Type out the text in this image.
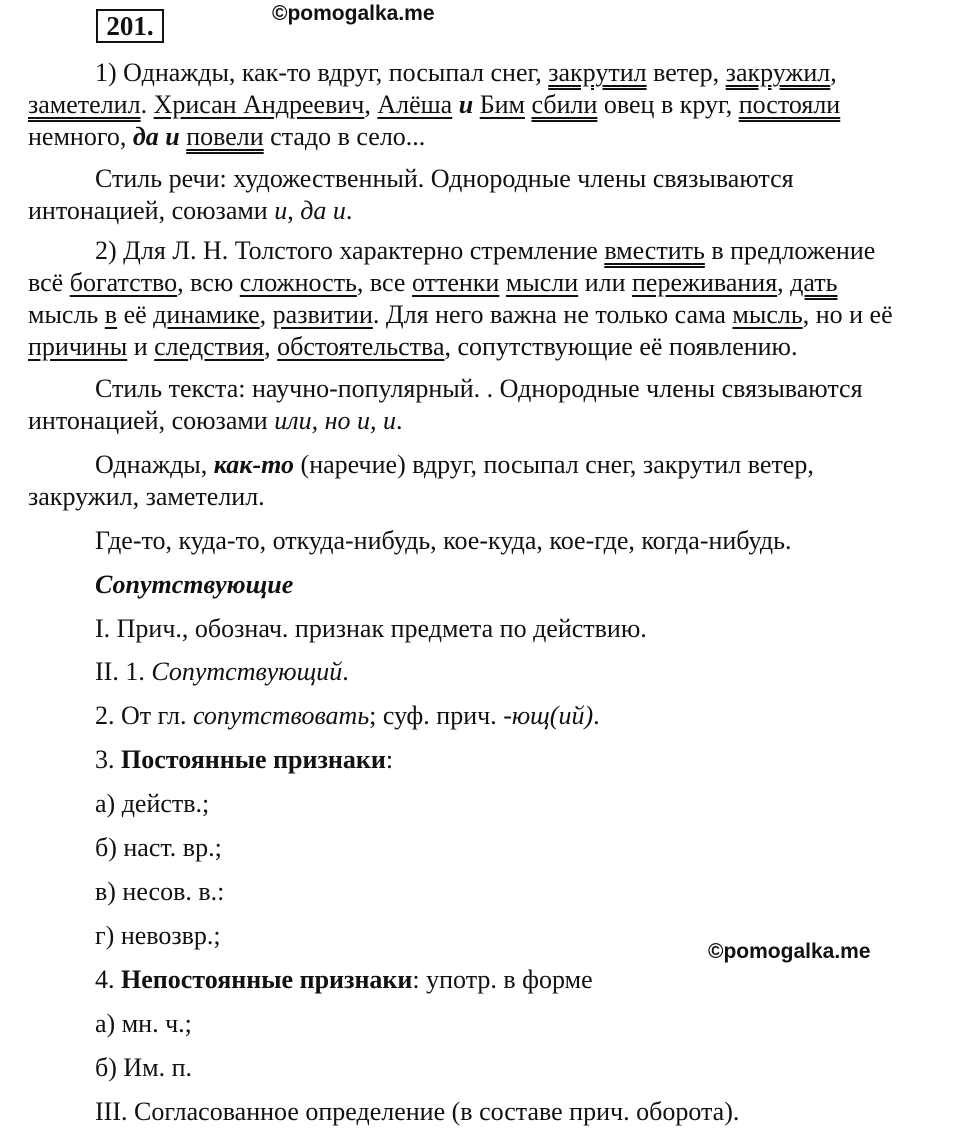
201.	©pomogalka.me
1) Однажды, как-то вдруг, посыпал снег, закрутил ветер, закружил,
заметелил. Хрисан Андреевич, Алёша и Бим сбили овец в круг, постояли
немного, да и повели стадо в село...
Стиль речи: художественный. Однородные члены связываются
интонацией, союзами и, да и.
2) Для Л. Н. Толстого характерно стремление вместить в предложение
всё богатство, всю сложность, все оттенки мысли или переживания, дать
мысль в её динамике, развитии. Для него важна не только сама мысль, но и её
причины и следствия, обстоятельства, сопутствующие её появлению.
Стиль текста: научно-популярный. . Однородные члены связываются
интонацией, союзами или, но и, и.
Однажды, как-то (наречие) вдруг, посыпал снег, закрутил ветер,
закружил, заметелил.
Где-то, куда-то, откуда-нибудь, кое-куда, кое-где, когда-нибудь.
Сопутствующие
I. Прич., обознач. признак предмета по действию.
II. 1. Сопутствующий.
2. От гл. сопутствовать; суф. прич. -ющ(ий).
3. Постоянные признаки:
а) действ.;
б) наст. вр.;
в) несов. в.:
г) невозвр.;
©pomogalka.me
4. Непостоянные признаки: употр. в форме
а) мн. ч.;
б) Им. п.
III. Согласованное определение (в составе прич. оборота).
